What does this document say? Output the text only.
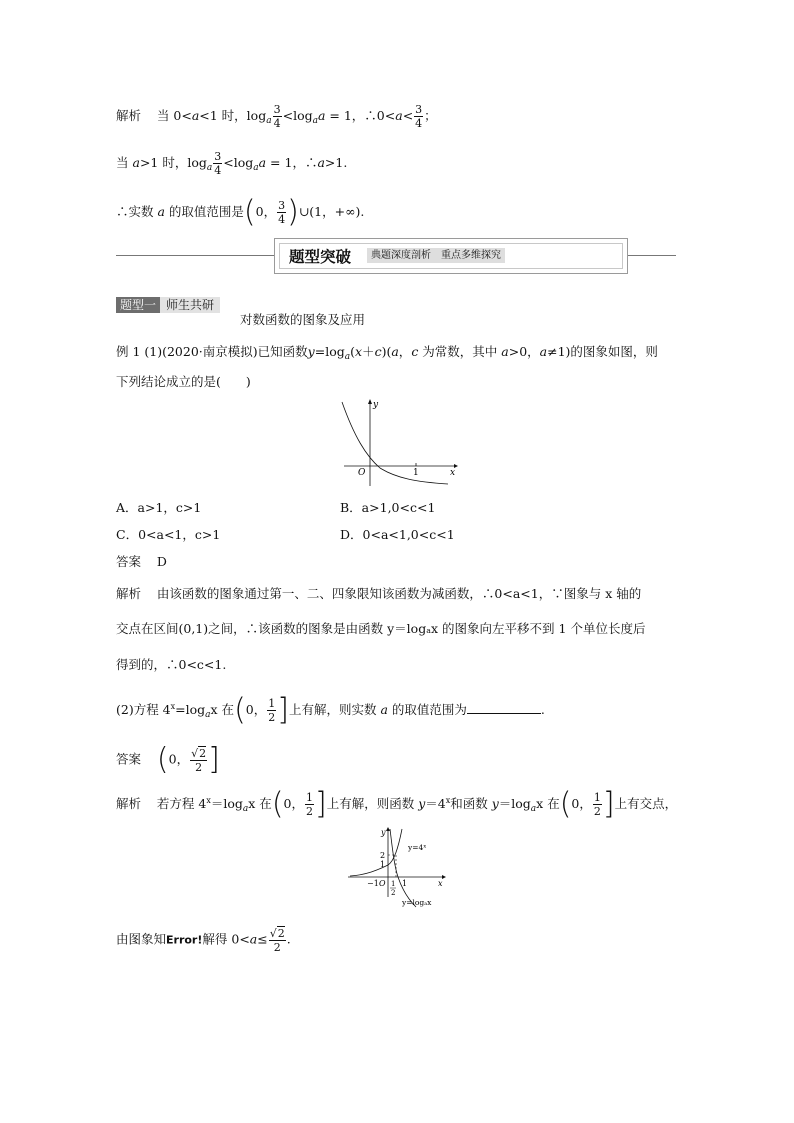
解析 当 0<a<1 时，$\log_a \frac{3}{4} <\log_aa = 1$，∴0<a< $\frac{3}{4}$ ；
当 a>1 时，$\log_a \frac{3}{4} <\log_aa = 1$，∴a>1.
∴实数 a 的取值范围是(0， $\frac{3}{4}$ )∪(1，+∞).
题型突破	典题深度剖析　重点多维探究
题型一 师生共研
对数函数的图象及应用
例 1 (1)(2020·南京模拟)已知函数$y=\log_a(x+c)(a$，c 为常数，其中 a>0，a≠1)的图象如图，则
下列结论成立的是(　　)
y
x
O	1
A．a>1，c>1	B．a>1,0<c<1
C．0<a<1，c>1	D．0<a<1,0<c<1
答案 D
解析 由该函数的图象通过第一、二、四象限知该函数为减函数，∴0<a<1，∵图象与 x 轴的
交点在区间(0,1)之间，∴该函数的图象是由函数 y＝logₐx 的图象向左平移不到 1 个单位长度后
得到的，∴0<c<1.
(2)方程 $4^x=\log_ax$ 在(0， $\frac{1}{2}$ ]上有解，则实数 a 的取值范围为	.
答案 (0， $\frac{√2}{2}$ ]
解析 若方程 $4^x=\log_ax$ 在(0， $\frac{1}{2}$ ]上有解，则函数 $y=4^x$和函数 $y=\log_ax$ 在(0， $\frac{1}{2}$ ]上有交点，
y
x
O
−1	1
1
2
2
1
y=4ˣ
y=logₐx
由图象知Error!解得 $0<a\le \frac{√2}{2}$ .
